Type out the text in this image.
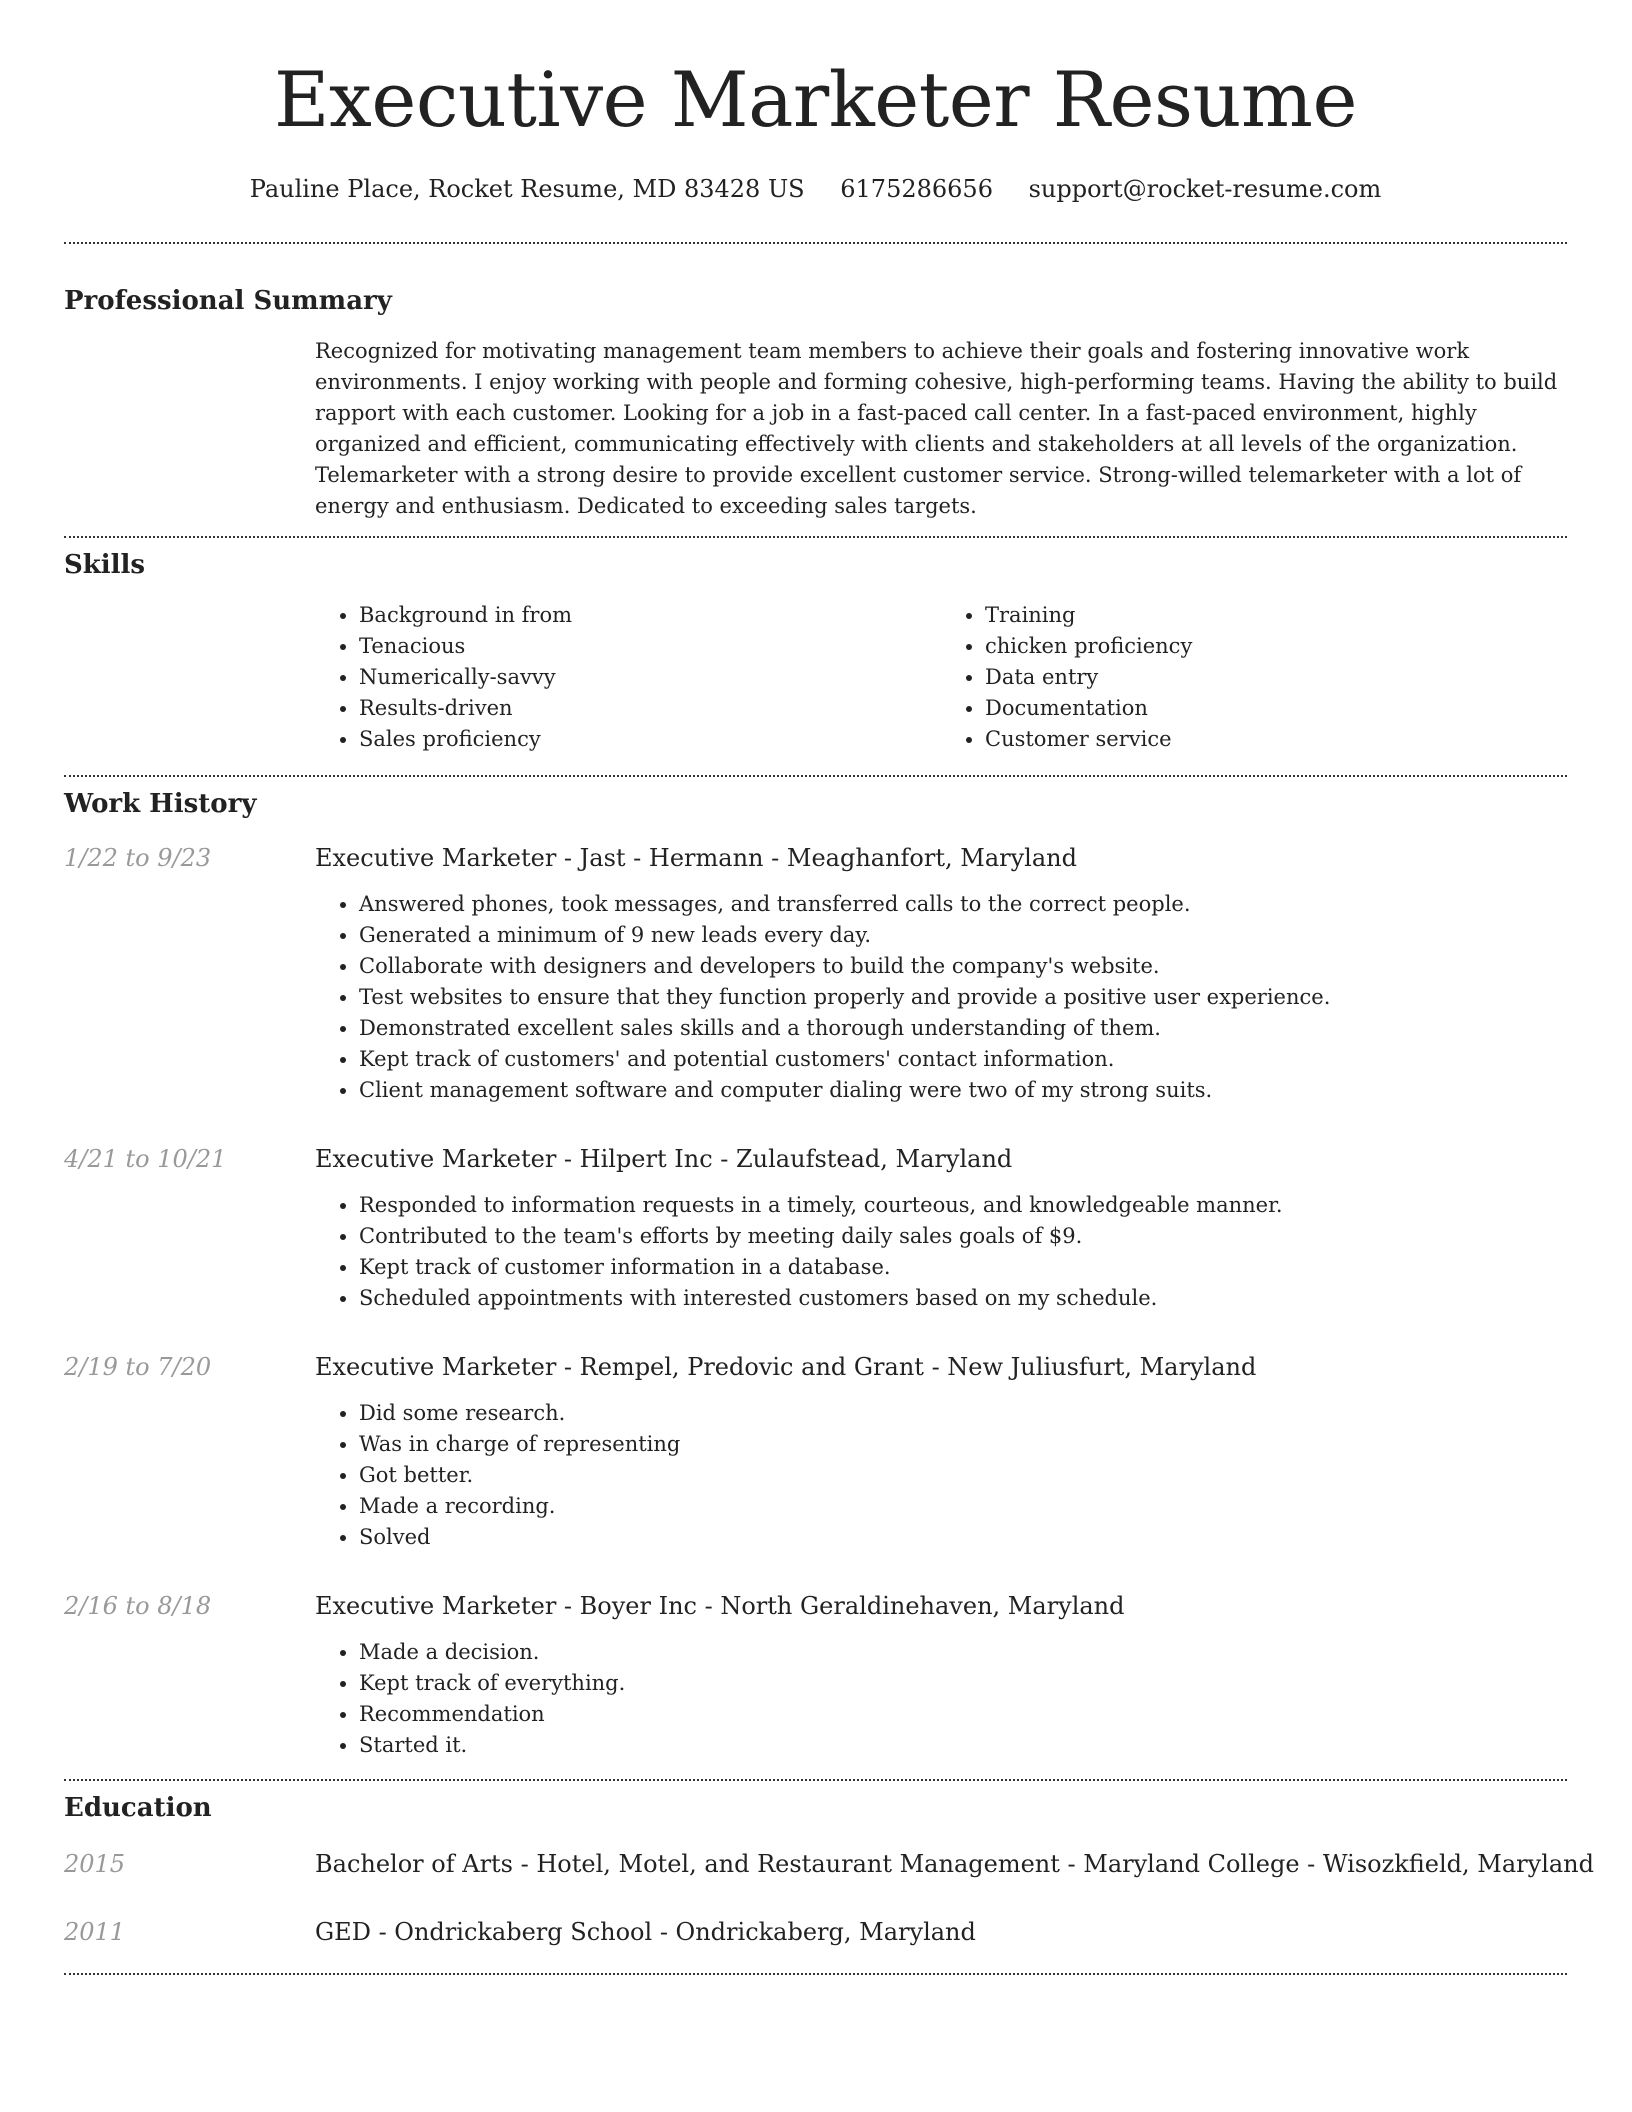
Executive Marketer Resume
Pauline Place, Rocket Resume, MD 83428 US 6175286656 support@rocket-resume.com
Professional Summary

Recognized for motivating management team members to achieve their goals and fostering innovative work environments. I enjoy working with people and forming cohesive, high-performing teams. Having the ability to build rapport with each customer. Looking for a job in a fast-paced call center. In a fast-paced environment, highly organized and efficient, communicating effectively with clients and stakeholders at all levels of the organization. Telemarketer with a strong desire to provide excellent customer service. Strong-willed telemarketer with a lot of energy and enthusiasm. Dedicated to exceeding sales targets.

Skills
• Background in from
• Tenacious
• Numerically-savvy
• Results-driven
• Sales proficiency
• Training
• chicken proficiency
• Data entry
• Documentation
• Customer service
Work History
1/22 to 9/23	Executive Marketer - Jast - Hermann - Meaghanfort, Maryland
• Answered phones, took messages, and transferred calls to the correct people.
• Generated a minimum of 9 new leads every day.
• Collaborate with designers and developers to build the company's website.
• Test websites to ensure that they function properly and provide a positive user experience.
• Demonstrated excellent sales skills and a thorough understanding of them.
• Kept track of customers' and potential customers' contact information.
• Client management software and computer dialing were two of my strong suits.
4/21 to 10/21	Executive Marketer - Hilpert Inc - Zulaufstead, Maryland
• Responded to information requests in a timely, courteous, and knowledgeable manner.
• Contributed to the team's efforts by meeting daily sales goals of $9.
• Kept track of customer information in a database.
• Scheduled appointments with interested customers based on my schedule.
2/19 to 7/20	Executive Marketer - Rempel, Predovic and Grant - New Juliusfurt, Maryland
• Did some research.
• Was in charge of representing
• Got better.
• Made a recording.
• Solved
2/16 to 8/18	Executive Marketer - Boyer Inc - North Geraldinehaven, Maryland
• Made a decision.
• Kept track of everything.
• Recommendation
• Started it.
Education
2015	Bachelor of Arts - Hotel, Motel, and Restaurant Management - Maryland College - Wisozkfield, Maryland
2011	GED - Ondrickaberg School - Ondrickaberg, Maryland
